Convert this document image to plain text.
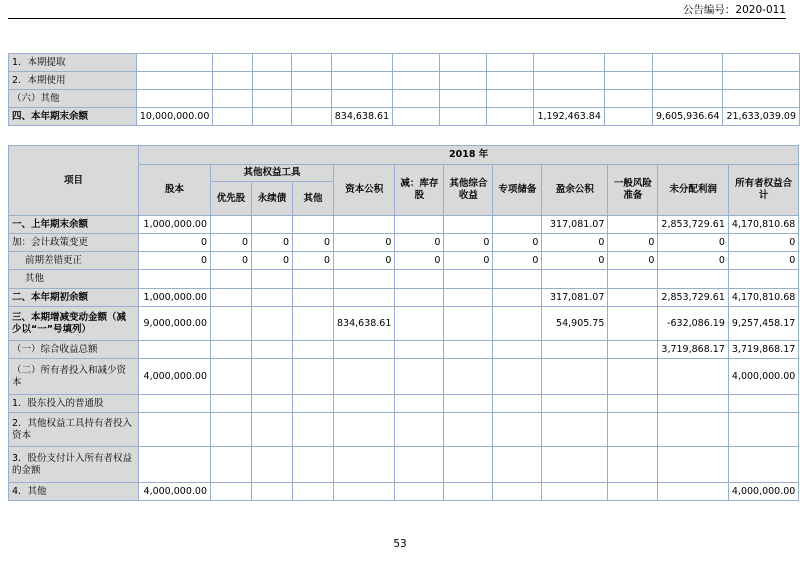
公告编号：2020-011
1．本期提取												
2．本期使用												
（六）其他												
四、本年期末余额	10,000,000.00				834,638.61				1,192,463.84		9,605,936.64	21,633,039.09
项目	2018 年											
	股本	其他权益工具			资本公积	减：库存股	其他综合收益	专项储备	盈余公积	一般风险准备	未分配利润	所有者权益合计
		优先股	永续债	其他								
一、上年期末余额	1,000,000.00								317,081.07		2,853,729.61	4,170,810.68
加：会计政策变更	0	0	0	0	0	0	0	0	0	0	0	0
前期差错更正	0	0	0	0	0	0	0	0	0	0	0	0
其他												
二、本年期初余额	1,000,000.00								317,081.07		2,853,729.61	4,170,810.68
三、本期增减变动金额（减少以“一”号填列）	9,000,000.00				834,638.61				54,905.75		-632,086.19	9,257,458.17
（一）综合收益总额											3,719,868.17	3,719,868.17
（二）所有者投入和减少资本	4,000,000.00											4,000,000.00
1．股东投入的普通股												
2．其他权益工具持有者投入资本												
3．股份支付计入所有者权益的金额												
4．其他	4,000,000.00											4,000,000.00
53
